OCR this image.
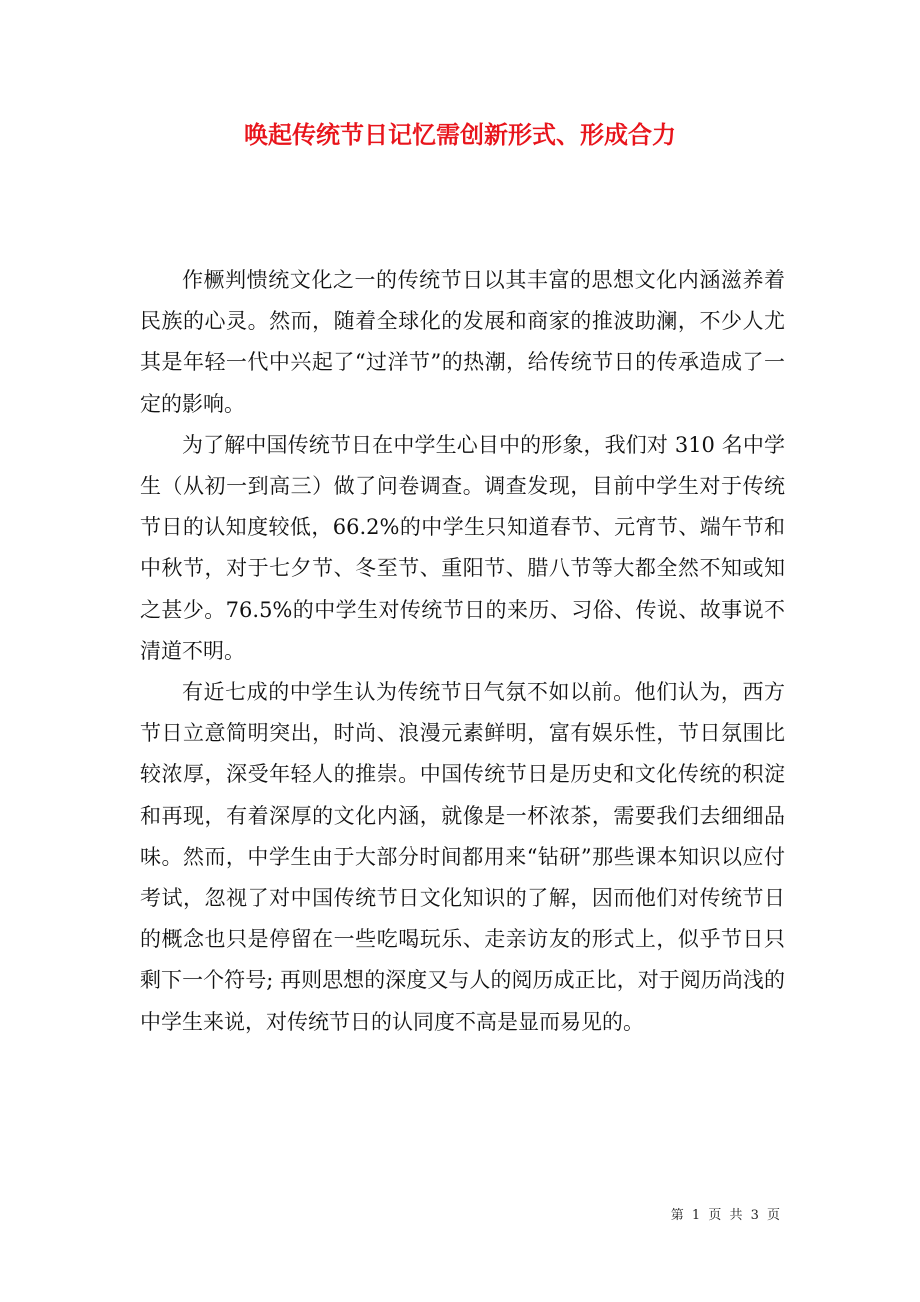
唤起传统节日记忆需创新形式、形成合力

作橛判愦统文化之一的传统节日以其丰富的思想文化内涵滋养着民族的心灵。然而，随着全球化的发展和商家的推波助澜，不少人尤其是年轻一代中兴起了“过洋节”的热潮，给传统节日的传承造成了一定的影响。

为了解中国传统节日在中学生心目中的形象，我们对 310 名中学生（从初一到高三）做了问卷调查。调查发现，目前中学生对于传统节日的认知度较低，66.2%的中学生只知道春节、元宵节、端午节和中秋节，对于七夕节、冬至节、重阳节、腊八节等大都全然不知或知之甚少。76.5%的中学生对传统节日的来历、习俗、传说、故事说不清道不明。

有近七成的中学生认为传统节日气氛不如以前。他们认为，西方节日立意简明突出，时尚、浪漫元素鲜明，富有娱乐性，节日氛围比较浓厚，深受年轻人的推崇。中国传统节日是历史和文化传统的积淀和再现，有着深厚的文化内涵，就像是一杯浓茶，需要我们去细细品味。然而，中学生由于大部分时间都用来“钻研”那些课本知识以应付考试，忽视了对中国传统节日文化知识的了解，因而他们对传统节日的概念也只是停留在一些吃喝玩乐、走亲访友的形式上，似乎节日只剩下一个符号; 再则思想的深度又与人的阅历成正比，对于阅历尚浅的中学生来说，对传统节日的认同度不高是显而易见的。

第 1 页 共 3 页
